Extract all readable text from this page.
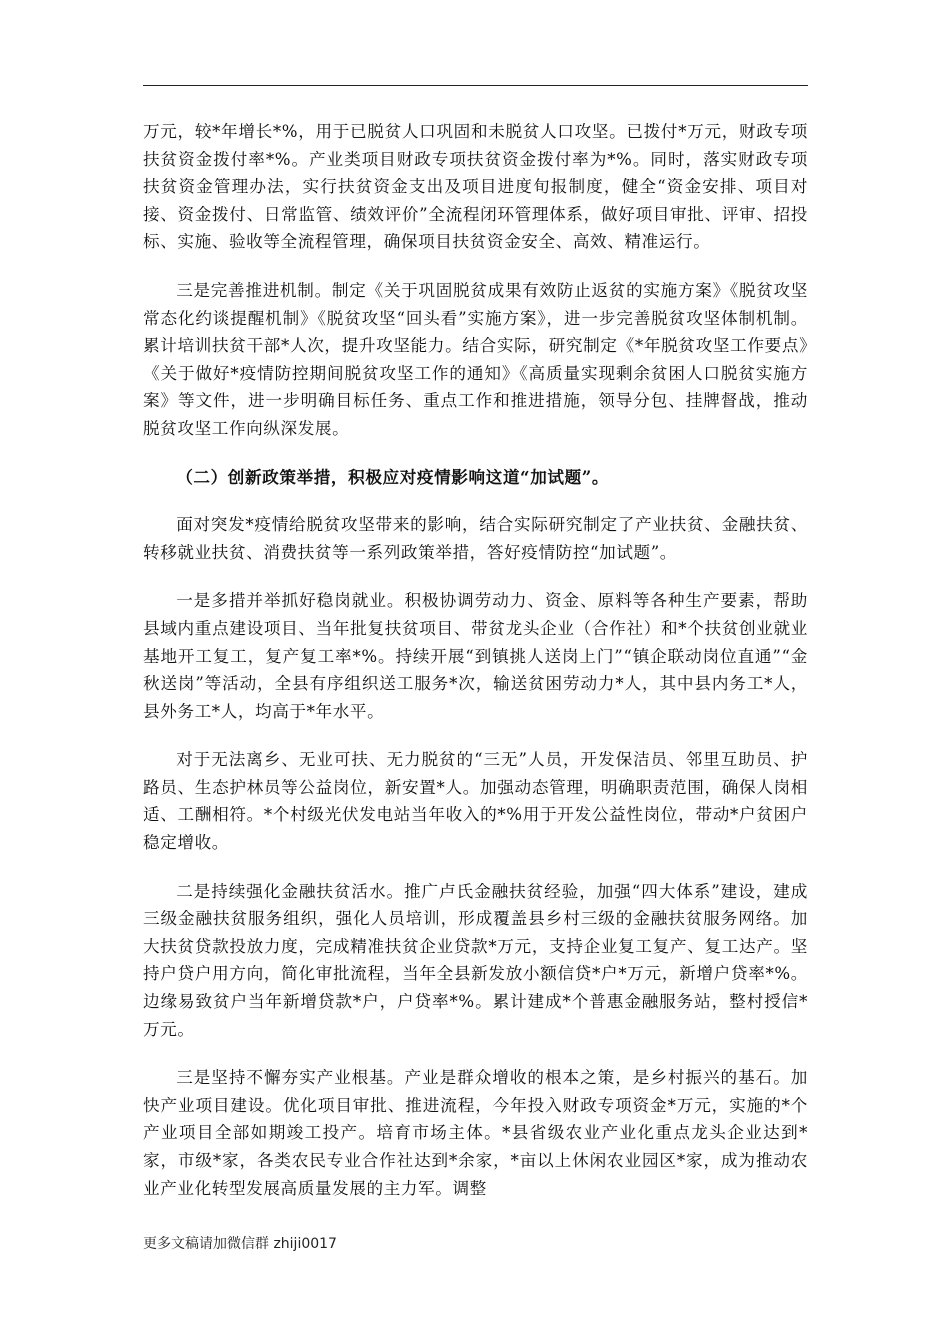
万元，较*年增长*%，用于已脱贫人口巩固和未脱贫人口攻坚。已拨付*万元，财政专项扶贫资金拨付率*%。产业类项目财政专项扶贫资金拨付率为*%。同时，落实财政专项扶贫资金管理办法，实行扶贫资金支出及项目进度旬报制度，健全“资金安排、项目对接、资金拨付、日常监管、绩效评价”全流程闭环管理体系，做好项目审批、评审、招投标、实施、验收等全流程管理，确保项目扶贫资金安全、高效、精准运行。

三是完善推进机制。制定《关于巩固脱贫成果有效防止返贫的实施方案》《脱贫攻坚常态化约谈提醒机制》《脱贫攻坚“回头看”实施方案》，进一步完善脱贫攻坚体制机制。累计培训扶贫干部*人次，提升攻坚能力。结合实际，研究制定《*年脱贫攻坚工作要点》《关于做好*疫情防控期间脱贫攻坚工作的通知》《高质量实现剩余贫困人口脱贫实施方案》等文件，进一步明确目标任务、重点工作和推进措施，领导分包、挂牌督战，推动脱贫攻坚工作向纵深发展。

（二）创新政策举措，积极应对疫情影响这道“加试题”。

面对突发*疫情给脱贫攻坚带来的影响，结合实际研究制定了产业扶贫、金融扶贫、转移就业扶贫、消费扶贫等一系列政策举措，答好疫情防控“加试题”。

一是多措并举抓好稳岗就业。积极协调劳动力、资金、原料等各种生产要素，帮助县域内重点建设项目、当年批复扶贫项目、带贫龙头企业（合作社）和*个扶贫创业就业基地开工复工，复产复工率*%。持续开展“到镇挑人送岗上门”“镇企联动岗位直通”“金秋送岗”等活动，全县有序组织送工服务*次，输送贫困劳动力*人，其中县内务工*人，县外务工*人，均高于*年水平。

对于无法离乡、无业可扶、无力脱贫的“三无”人员，开发保洁员、邻里互助员、护路员、生态护林员等公益岗位，新安置*人。加强动态管理，明确职责范围，确保人岗相适、工酬相符。*个村级光伏发电站当年收入的*%用于开发公益性岗位，带动*户贫困户稳定增收。

二是持续强化金融扶贫活水。推广卢氏金融扶贫经验，加强“四大体系”建设，建成三级金融扶贫服务组织，强化人员培训，形成覆盖县乡村三级的金融扶贫服务网络。加大扶贫贷款投放力度，完成精准扶贫企业贷款*万元，支持企业复工复产、复工达产。坚持户贷户用方向，简化审批流程，当年全县新发放小额信贷*户*万元，新增户贷率*%。边缘易致贫户当年新增贷款*户，户贷率*%。累计建成*个普惠金融服务站，整村授信*万元。

三是坚持不懈夯实产业根基。产业是群众增收的根本之策，是乡村振兴的基石。加快产业项目建设。优化项目审批、推进流程，今年投入财政专项资金*万元，实施的*个产业项目全部如期竣工投产。培育市场主体。*县省级农业产业化重点龙头企业达到*家，市级*家，各类农民专业合作社达到*余家，*亩以上休闲农业园区*家，成为推动农业产业化转型发展高质量发展的主力军。调整

更多文稿请加微信群 zhiji0017
